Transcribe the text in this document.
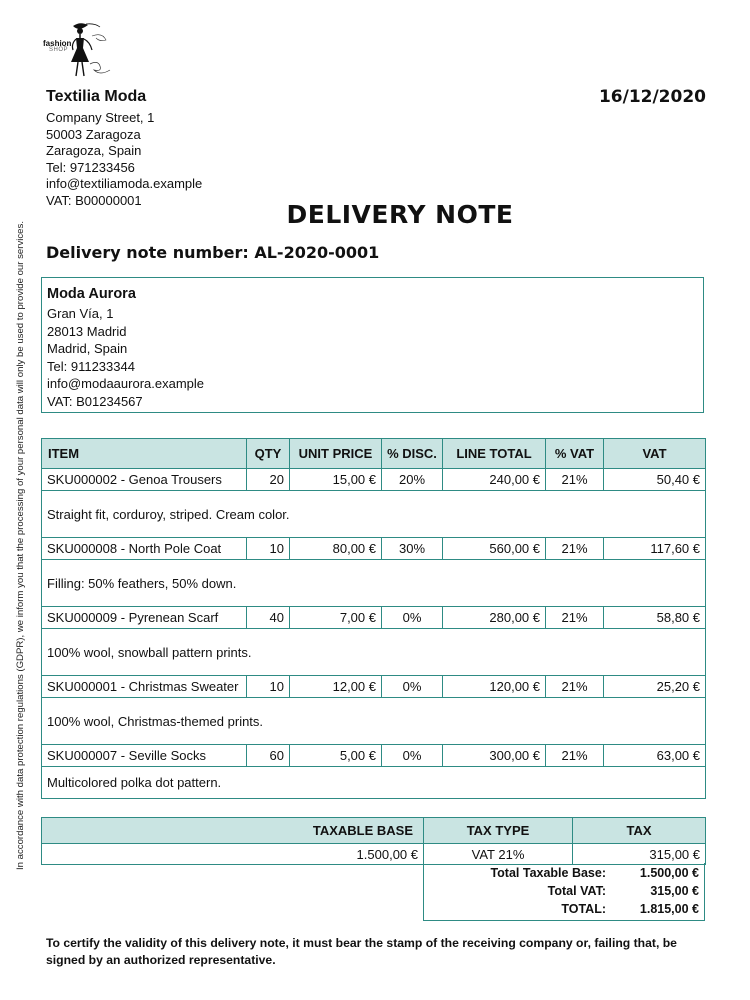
In accordance with data protection regulations (GDPR), we inform you that the processing of your personal data will only be used to provide our services.
fashion
SHOP
Textilia Moda
Company Street, 1
50003 Zaragoza
Zaragoza, Spain
Tel: 971233456
info@textiliamoda.example
VAT: B00000001
16/12/2020
DELIVERY NOTE
Delivery note number: AL-2020-0001
Moda Aurora
Gran Vía, 1
28013 Madrid
Madrid, Spain
Tel: 911233344
info@modaaurora.example
VAT: B01234567
ITEM	QTY	UNIT PRICE	% DISC.	LINE TOTAL	% VAT	VAT
SKU000002 - Genoa Trousers	20	15,00 €	20%	240,00 €	21%	50,40 €
Straight fit, corduroy, striped. Cream color.						
SKU000008 - North Pole Coat	10	80,00 €	30%	560,00 €	21%	117,60 €
Filling: 50% feathers, 50% down.						
SKU000009 - Pyrenean Scarf	40	7,00 €	0%	280,00 €	21%	58,80 €
100% wool, snowball pattern prints.						
SKU000001 - Christmas Sweater	10	12,00 €	0%	120,00 €	21%	25,20 €
100% wool, Christmas-themed prints.						
SKU000007 - Seville Socks	60	5,00 €	0%	300,00 €	21%	63,00 €
Multicolored polka dot pattern.						
TAXABLE BASE	TAX TYPE	TAX
1.500,00 €	VAT 21%	315,00 €
Total Taxable Base:	1.500,00 €
Total VAT:	315,00 €
TOTAL:	1.815,00 €
To certify the validity of this delivery note, it must bear the stamp of the receiving company or, failing that, be signed by an authorized representative.
